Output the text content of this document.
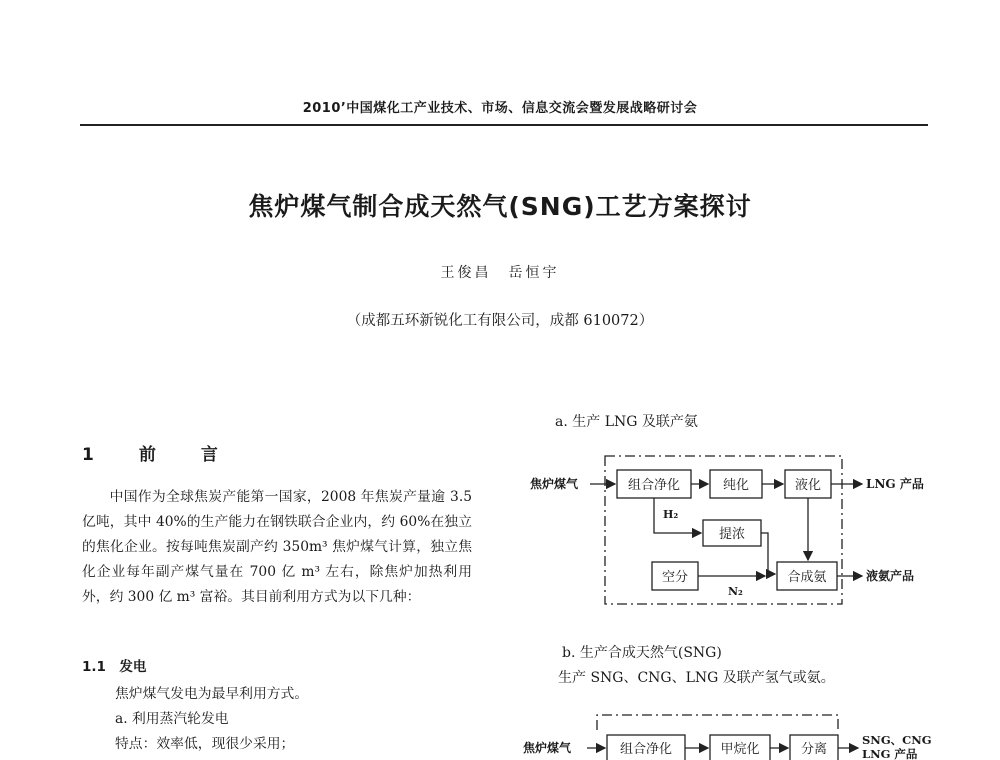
2010’中国煤化工产业技术、市场、信息交流会暨发展战略研讨会
焦炉煤气制合成天然气(SNG)工艺方案探讨
王俊昌　岳恒宇
（成都五环新锐化工有限公司，成都 610072）
1　前　言

中国作为全球焦炭产能第一国家，2008 年焦炭产量逾 3.5 亿吨，其中 40%的生产能力在钢铁联合企业内，约 60%在独立的焦化企业。按每吨焦炭副产约 350m³ 焦炉煤气计算，独立焦化企业每年副产煤气量在 700 亿 m³ 左右，除焦炉加热利用外，约 300 亿 m³ 富裕。其目前利用方式为以下几种：

1.1　发电
焦炉煤气发电为最早利用方式。
a. 利用蒸汽轮发电
特点：效率低，现很少采用；
a. 生产 LNG 及联产氨
b. 生产合成天然气(SNG)
生产 SNG、CNG、LNG 及联产氢气或氨。
焦炉煤气	组合净化	纯化	液化
提浓
空分	合成氨
H₂
N₂
LNG 产品
液氨产品
焦炉煤气	组合净化	甲烷化	分离
SNG、CNG
LNG 产品
